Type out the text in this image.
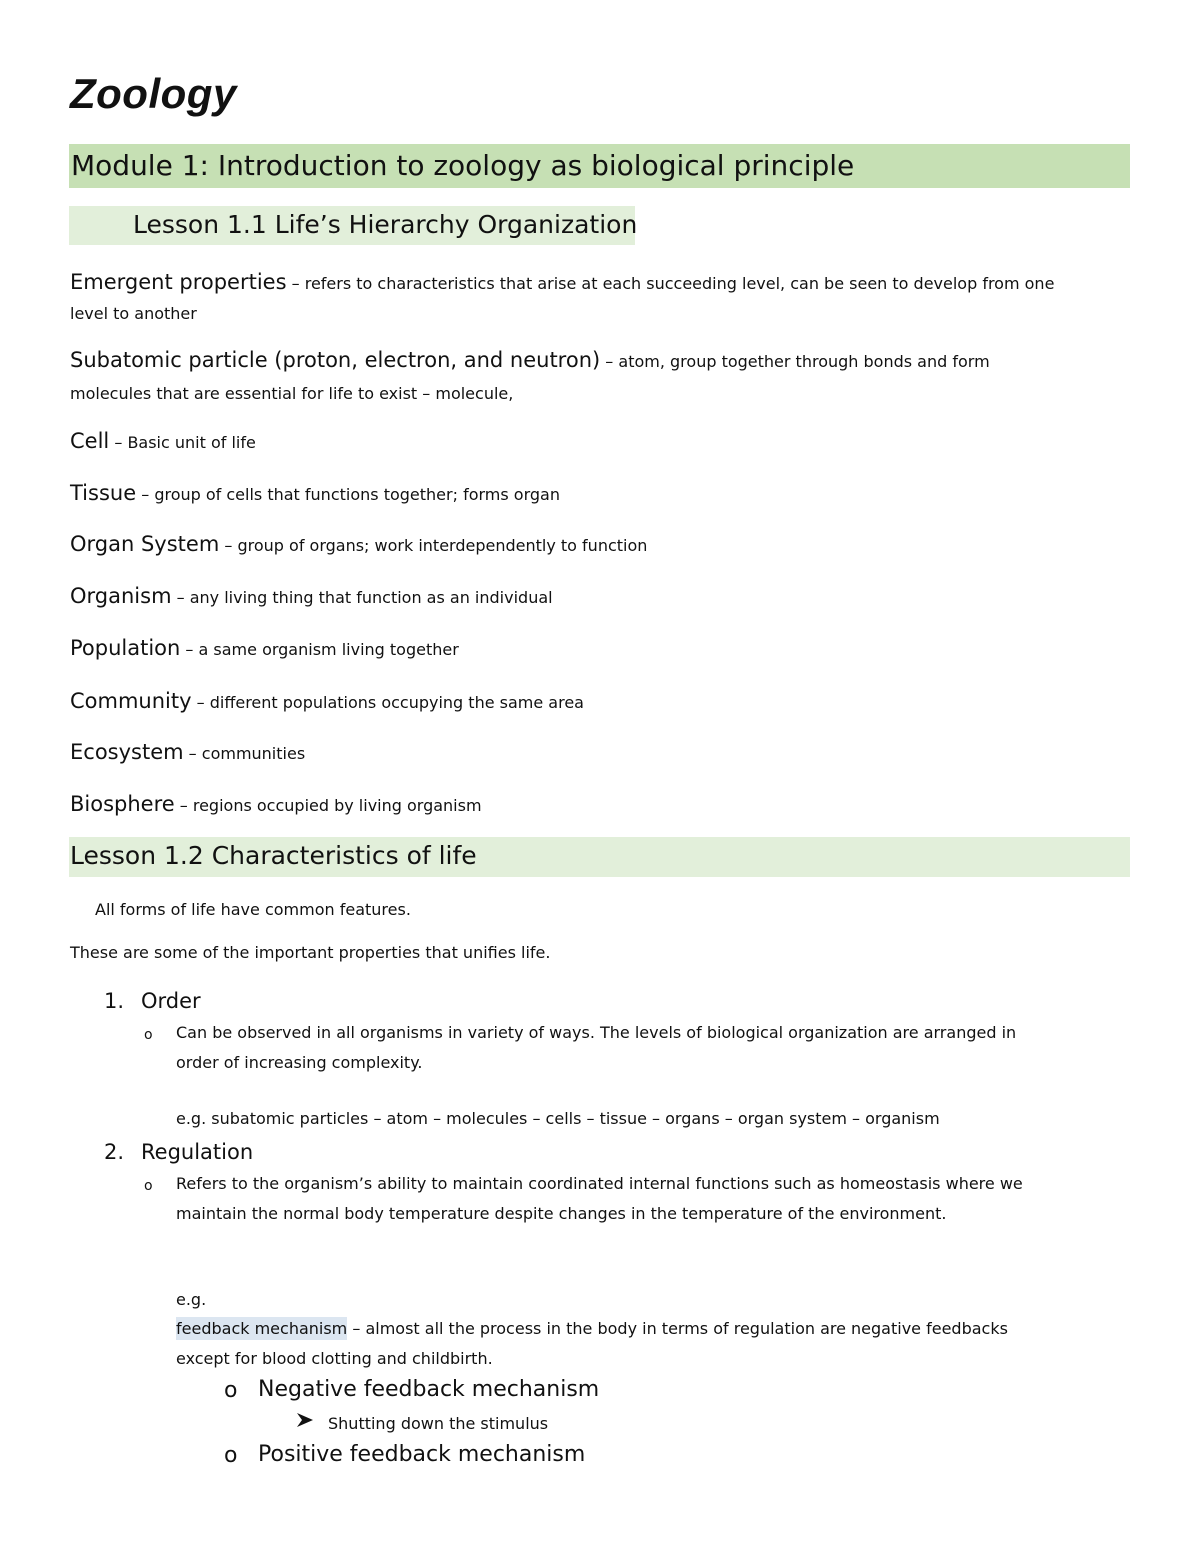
Zoology
Module 1: Introduction to zoology as biological principle
Lesson 1.1 Life’s Hierarchy Organization
Emergent properties – refers to characteristics that arise at each succeeding level, can be seen to develop from one
level to another
Subatomic particle (proton, electron, and neutron) – atom, group together through bonds and form
molecules that are essential for life to exist – molecule,
Cell – Basic unit of life
Tissue – group of cells that functions together; forms organ
Organ System – group of organs; work interdependently to function
Organism – any living thing that function as an individual
Population – a same organism living together
Community – different populations occupying the same area
Ecosystem – communities
Biosphere – regions occupied by living organism
Lesson 1.2 Characteristics of life
All forms of life have common features.
These are some of the important properties that unifies life.
1. Order
o Can be observed in all organisms in variety of ways. The levels of biological organization are arranged in
order of increasing complexity.
e.g. subatomic particles – atom – molecules – cells – tissue – organs – organ system – organism
2. Regulation
o Refers to the organism’s ability to maintain coordinated internal functions such as homeostasis where we
maintain the normal body temperature despite changes in the temperature of the environment.
e.g.
feedback mechanism – almost all the process in the body in terms of regulation are negative feedbacks
except for blood clotting and childbirth.
o Negative feedback mechanism
Shutting down the stimulus
o Positive feedback mechanism
